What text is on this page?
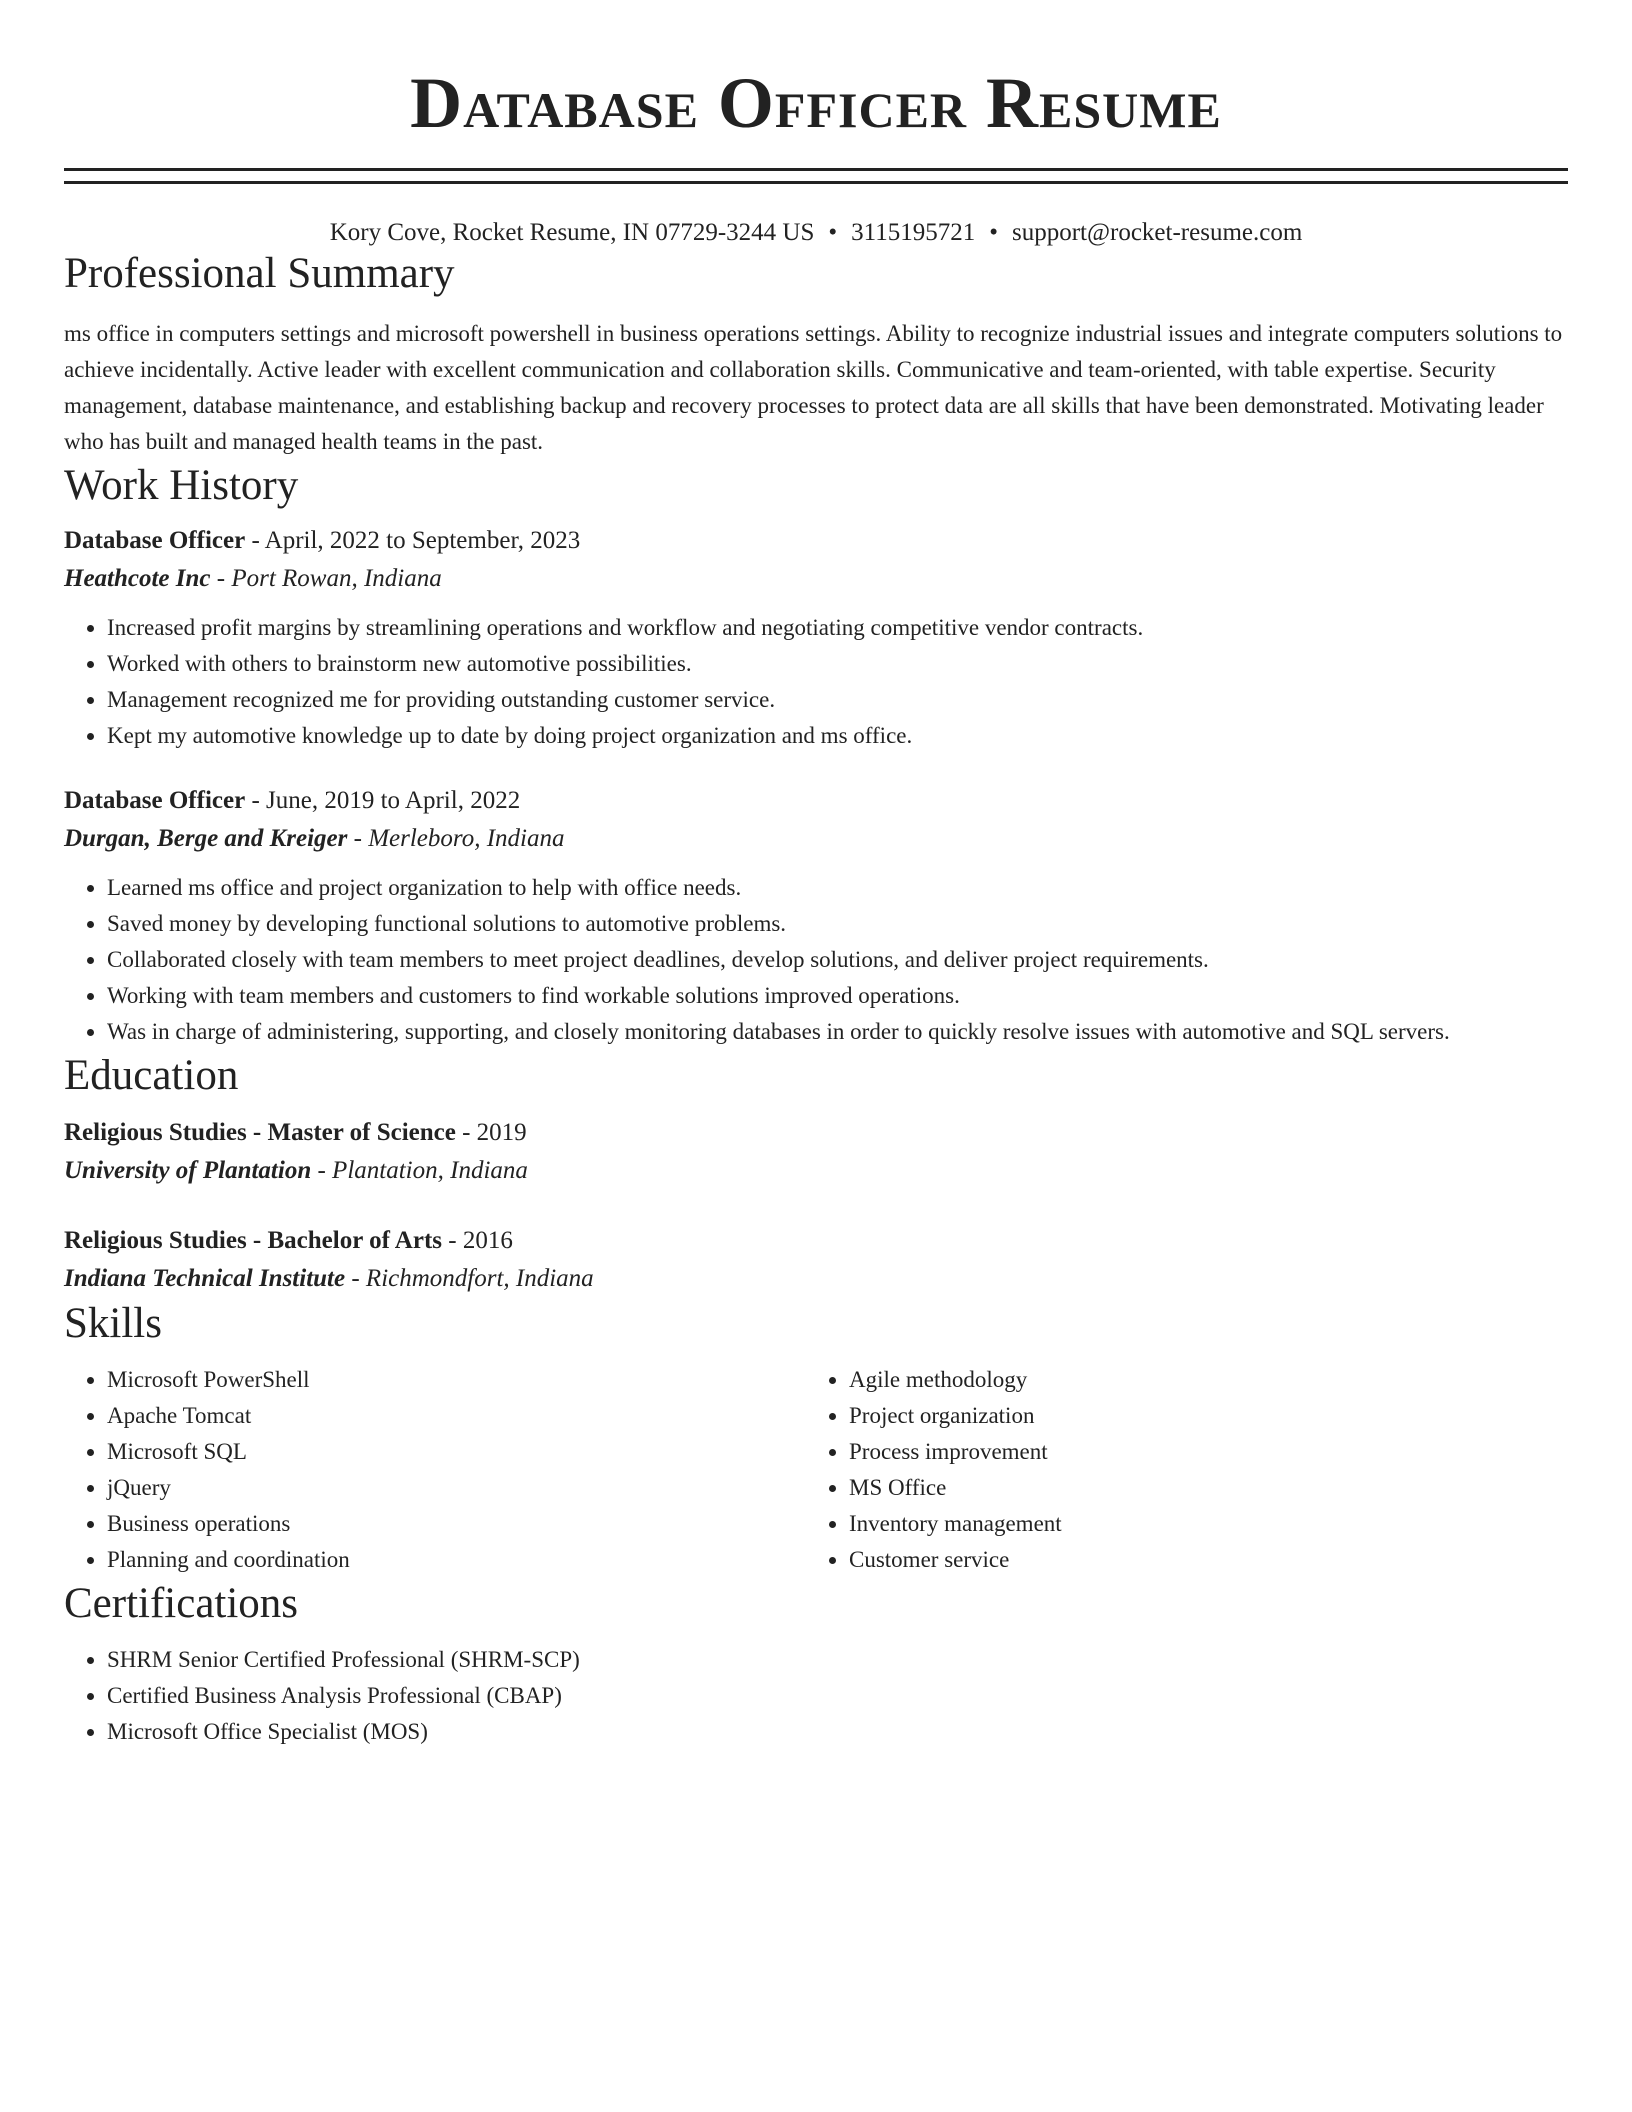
Database Officer Resume
Kory Cove, Rocket Resume, IN 07729-3244 US • 3115195721 • support@rocket-resume.com
Professional Summary

ms office in computers settings and microsoft powershell in business operations settings. Ability to recognize industrial issues and integrate computers solutions to achieve incidentally. Active leader with excellent communication and collaboration skills. Communicative and team-oriented, with table expertise. Security management, database maintenance, and establishing backup and recovery processes to protect data are all skills that have been demonstrated. Motivating leader who has built and managed health teams in the past.

Work History
Database Officer - April, 2022 to September, 2023
Heathcote Inc - Port Rowan, Indiana
• Increased profit margins by streamlining operations and workflow and negotiating competitive vendor contracts.
• Worked with others to brainstorm new automotive possibilities.
• Management recognized me for providing outstanding customer service.
• Kept my automotive knowledge up to date by doing project organization and ms office.
Database Officer - June, 2019 to April, 2022
Durgan, Berge and Kreiger - Merleboro, Indiana
• Learned ms office and project organization to help with office needs.
• Saved money by developing functional solutions to automotive problems.
• Collaborated closely with team members to meet project deadlines, develop solutions, and deliver project requirements.
• Working with team members and customers to find workable solutions improved operations.
• Was in charge of administering, supporting, and closely monitoring databases in order to quickly resolve issues with automotive and SQL servers.
Education
Religious Studies - Master of Science - 2019
University of Plantation - Plantation, Indiana
Religious Studies - Bachelor of Arts - 2016
Indiana Technical Institute - Richmondfort, Indiana
Skills
• Microsoft PowerShell
• Apache Tomcat
• Microsoft SQL
• jQuery
• Business operations
• Planning and coordination
• Agile methodology
• Project organization
• Process improvement
• MS Office
• Inventory management
• Customer service
Certifications
• SHRM Senior Certified Professional (SHRM-SCP)
• Certified Business Analysis Professional (CBAP)
• Microsoft Office Specialist (MOS)
